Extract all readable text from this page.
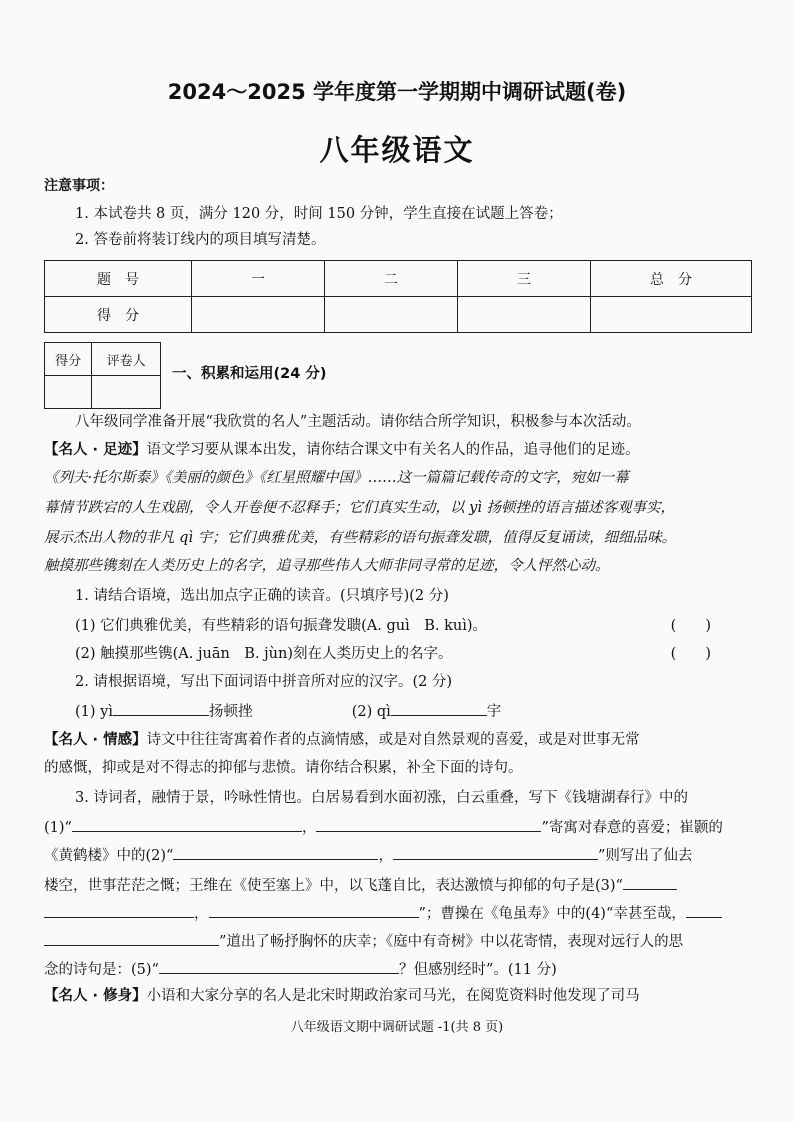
2024～2025 学年度第一学期期中调研试题(卷)
八年级语文
注意事项：
1. 本试卷共 8 页，满分 120 分，时间 150 分钟，学生直接在试题上答卷；
2. 答卷前将装订线内的项目填写清楚。
题　号	一	二	三	总　分
得　分				
得分	评卷人

一、积累和运用(24 分)
八年级同学准备开展“我欣赏的名人”主题活动。请你结合所学知识，积极参与本次活动。
【名人 · 足迹】语文学习要从课本出发，请你结合课文中有关名人的作品，追寻他们的足迹。
《列夫·托尔斯泰》《美丽的颜色》《红星照耀中国》……这一篇篇记载传奇的文字，宛如一幕
幕情节跌宕的人生戏剧，令人开卷便不忍释手；它们真实生动，以 yì 扬顿挫的语言描述客观事实，
展示杰出人物的非凡 qì 宇；它们典雅优美，有些精彩的语句振聋发聩，值得反复诵读，细细品味。
触摸那些镌刻在人类历史上的名字，追寻那些伟人大师非同寻常的足迹，令人怦然心动。
1. 请结合语境，选出加点字正确的读音。(只填序号)(2 分)
(1) 它们典雅优美，有些精彩的语句振聋发聩(A. guì　B. kuì)。	(　　)
(2) 触摸那些镌(A. juān　B. jùn)刻在人类历史上的名字。	(　　)
2. 请根据语境，写出下面词语中拼音所对应的汉字。(2 分)
(1) yì	扬顿挫	(2) qì	宇
【名人 · 情感】诗文中往往寄寓着作者的点滴情感，或是对自然景观的喜爱，或是对世事无常
的感慨，抑或是对不得志的抑郁与悲愤。请你结合积累，补全下面的诗句。
3. 诗词者，融情于景，吟咏性情也。白居易看到水面初涨，白云重叠，写下《钱塘湖春行》中的
(1)“	，	”寄寓对春意的喜爱；崔颢的
《黄鹤楼》中的(2)“	，	”则写出了仙去
楼空，世事茫茫之慨；王维在《使至塞上》中，以飞蓬自比，表达激愤与抑郁的句子是(3)“
，	”；曹操在《龟虽寿》中的(4)“幸甚至哉，
”道出了畅抒胸怀的庆幸；《庭中有奇树》中以花寄情，表现对远行人的思
念的诗句是：(5)“	？但感别经时”。(11 分)
【名人 · 修身】小语和大家分享的名人是北宋时期政治家司马光，在阅览资料时他发现了司马
八年级语文期中调研试题 -1(共 8 页)
